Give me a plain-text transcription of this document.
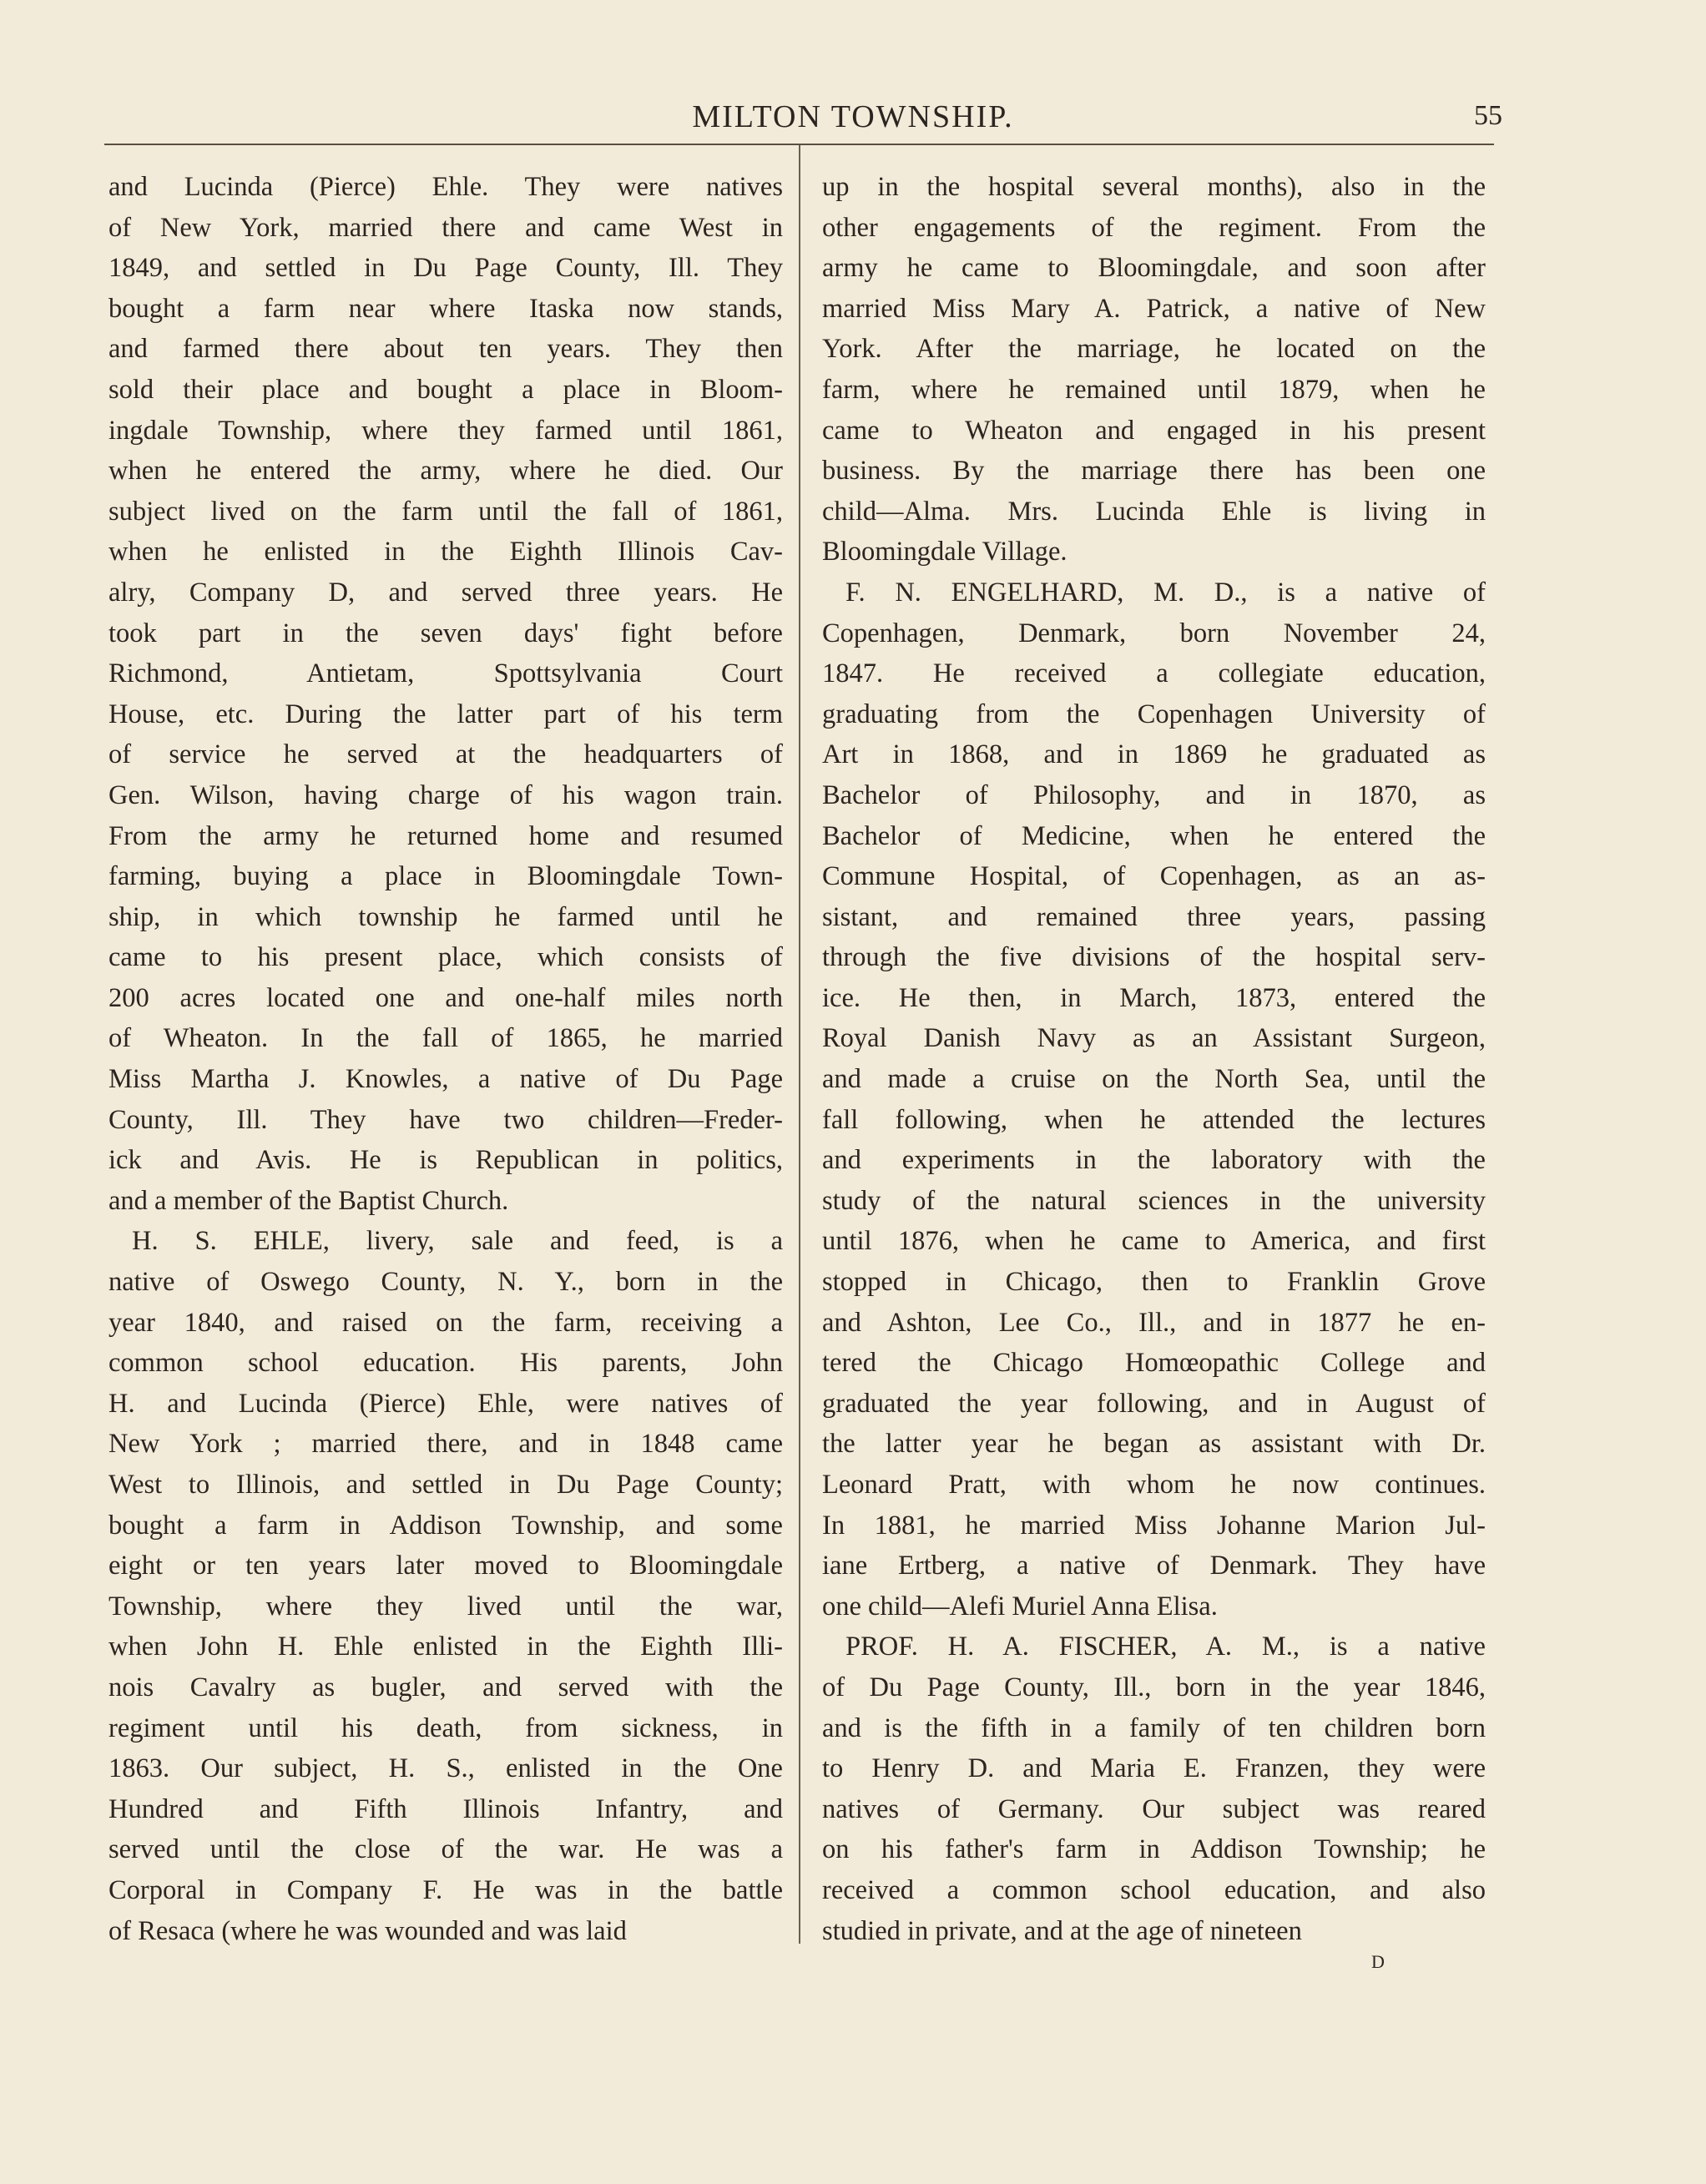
MILTON TOWNSHIP.	55
and Lucinda (Pierce) Ehle. They were natives
of New York, married there and came West in
1849, and settled in Du Page County, Ill. They
bought a farm near where Itaska now stands,
and farmed there about ten years. They then
sold their place and bought a place in Bloom-
ingdale Township, where they farmed until 1861,
when he entered the army, where he died. Our
subject lived on the farm until the fall of 1861,
when he enlisted in the Eighth Illinois Cav-
alry, Company D, and served three years. He
took part in the seven days' fight before
Richmond, Antietam, Spottsylvania Court
House, etc. During the latter part of his term
of service he served at the headquarters of
Gen. Wilson, having charge of his wagon train.
From the army he returned home and resumed
farming, buying a place in Bloomingdale Town-
ship, in which township he farmed until he
came to his present place, which consists of
200 acres located one and one-half miles north
of Wheaton. In the fall of 1865, he married
Miss Martha J. Knowles, a native of Du Page
County, Ill. They have two children—Freder-
ick and Avis. He is Republican in politics,
and a member of the Baptist Church.
H. S. EHLE, livery, sale and feed, is a
native of Oswego County, N. Y., born in the
year 1840, and raised on the farm, receiving a
common school education. His parents, John
H. and Lucinda (Pierce) Ehle, were natives of
New York ; married there, and in 1848 came
West to Illinois, and settled in Du Page County;
bought a farm in Addison Township, and some
eight or ten years later moved to Bloomingdale
Township, where they lived until the war,
when John H. Ehle enlisted in the Eighth Illi-
nois Cavalry as bugler, and served with the
regiment until his death, from sickness, in
1863. Our subject, H. S., enlisted in the One
Hundred and Fifth Illinois Infantry, and
served until the close of the war. He was a
Corporal in Company F. He was in the battle
of Resaca (where he was wounded and was laid
up in the hospital several months), also in the
other engagements of the regiment. From the
army he came to Bloomingdale, and soon after
married Miss Mary A. Patrick, a native of New
York. After the marriage, he located on the
farm, where he remained until 1879, when he
came to Wheaton and engaged in his present
business. By the marriage there has been one
child—Alma. Mrs. Lucinda Ehle is living in
Bloomingdale Village.
F. N. ENGELHARD, M. D., is a native of
Copenhagen, Denmark, born November 24,
1847. He received a collegiate education,
graduating from the Copenhagen University of
Art in 1868, and in 1869 he graduated as
Bachelor of Philosophy, and in 1870, as
Bachelor of Medicine, when he entered the
Commune Hospital, of Copenhagen, as an as-
sistant, and remained three years, passing
through the five divisions of the hospital serv-
ice. He then, in March, 1873, entered the
Royal Danish Navy as an Assistant Surgeon,
and made a cruise on the North Sea, until the
fall following, when he attended the lectures
and experiments in the laboratory with the
study of the natural sciences in the university
until 1876, when he came to America, and first
stopped in Chicago, then to Franklin Grove
and Ashton, Lee Co., Ill., and in 1877 he en-
tered the Chicago Homœopathic College and
graduated the year following, and in August of
the latter year he began as assistant with Dr.
Leonard Pratt, with whom he now continues.
In 1881, he married Miss Johanne Marion Jul-
iane Ertberg, a native of Denmark. They have
one child—Alefi Muriel Anna Elisa.
PROF. H. A. FISCHER, A. M., is a native
of Du Page County, Ill., born in the year 1846,
and is the fifth in a family of ten children born
to Henry D. and Maria E. Franzen, they were
natives of Germany. Our subject was reared
on his father's farm in Addison Township; he
received a common school education, and also
studied in private, and at the age of nineteen
D
